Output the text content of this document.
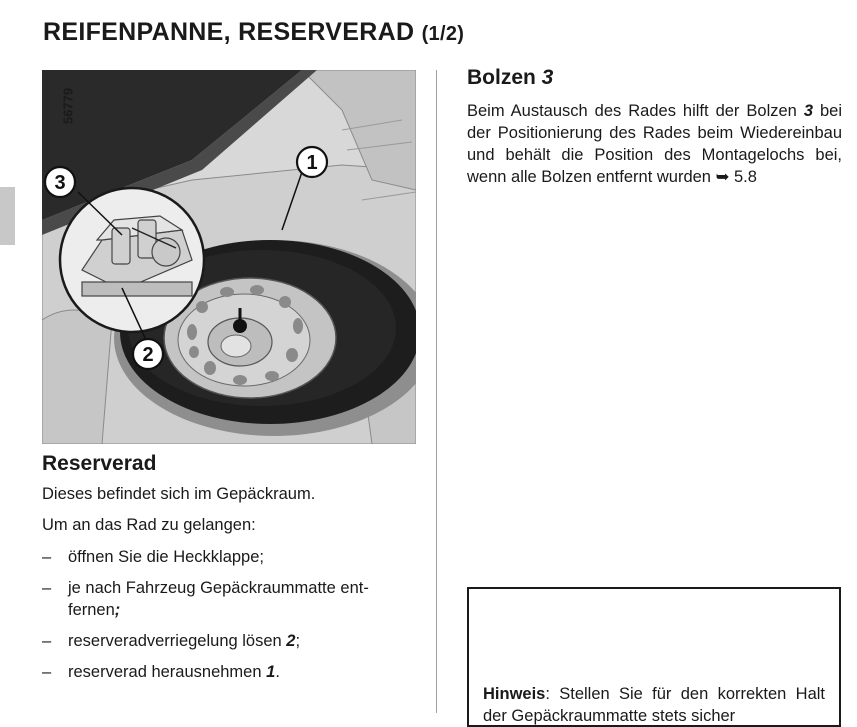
REIFENPANNE, RESERVERAD (1/2)
3
1
2
56779
Reserverad

Dieses befindet sich im Gepäckraum.

Um an das Rad zu gelangen:

– öffnen Sie die Heckklappe;
– je nach Fahrzeug Gepäckraummatte ent-fernen;
– reserveradverriegelung lösen 2;
– reserverad herausnehmen 1.
Bolzen 3

Beim Austausch des Rades hilft der Bolzen 3 bei der Positionierung des Rades beim Wiedereinbau und behält die Position des Montagelochs bei, wenn alle Bolzen entfernt wurden ➥ 5.8

Hinweis: Stellen Sie für den korrekten Halt der Gepäckraummatte stets sicher
